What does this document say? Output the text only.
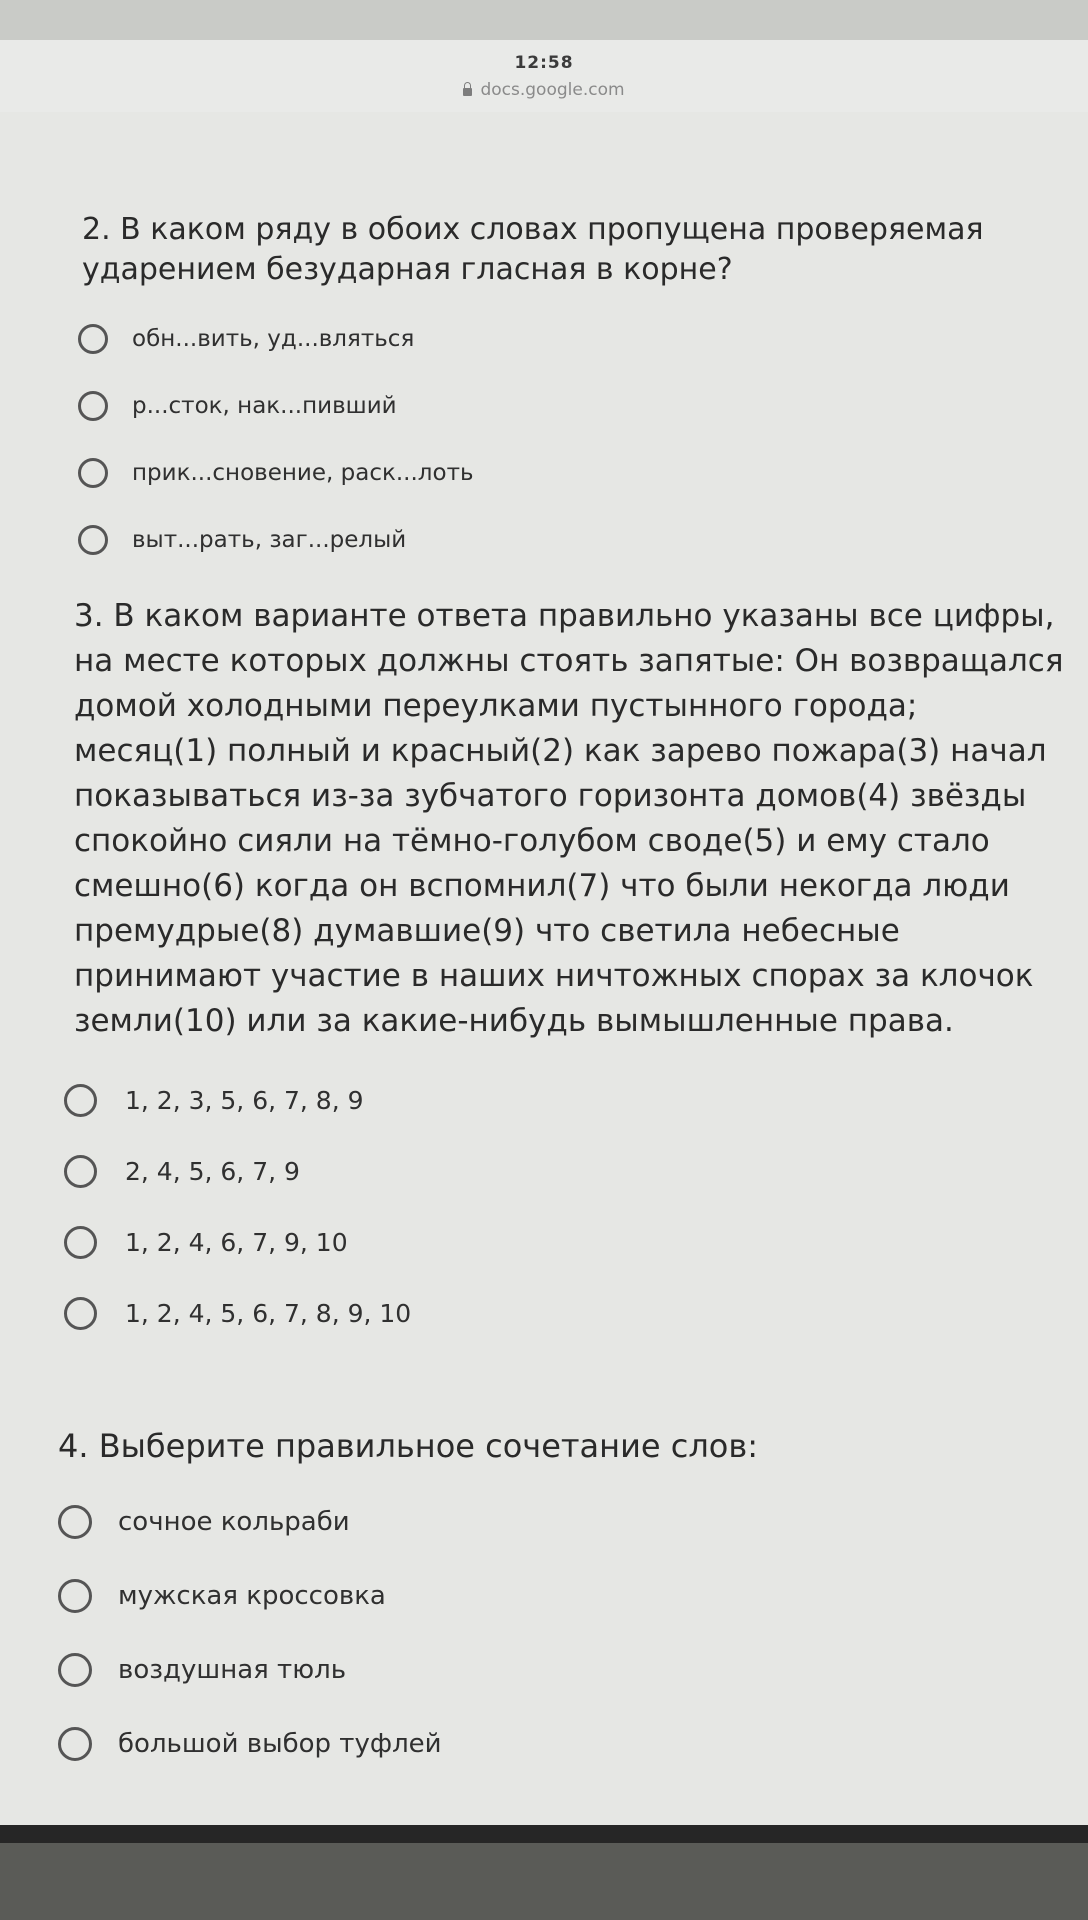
12:58
docs.google.com
2. В каком ряду в обоих словах пропущена проверяемая ударением безударная гласная в корне?
обн...вить, уд...вляться
р...сток, нак...пивший
прик...сновение, раск...лоть
выт...рать, заг...релый
3. В каком варианте ответа правильно указаны все цифры, на месте которых должны стоять запятые: Он возвращался домой холодными переулками пустынного города; месяц(1) полный и красный(2) как зарево пожара(3) начал показываться из-за зубчатого горизонта домов(4) звёзды спокойно сияли на тёмно-голубом своде(5) и ему стало смешно(6) когда он вспомнил(7) что были некогда люди премудрые(8) думавшие(9) что светила небесные принимают участие в наших ничтожных спорах за клочок земли(10) или за какие-нибудь вымышленные права.
1, 2, 3, 5, 6, 7, 8, 9
2, 4, 5, 6, 7, 9
1, 2, 4, 6, 7, 9, 10
1, 2, 4, 5, 6, 7, 8, 9, 10
4. Выберите правильное сочетание слов:
сочное кольраби
мужская кроссовка
воздушная тюль
большой выбор туфлей
